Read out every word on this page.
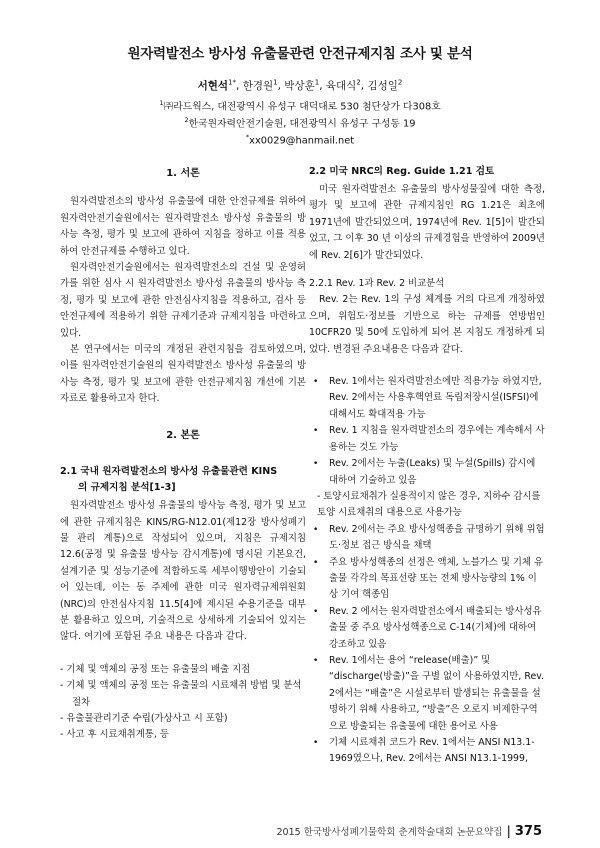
원자력발전소 방사성 유출물관련 안전규제지침 조사 및 분석
서현석$^{1*}$, 한경원$^1$, 박상훈$^1$, 육대식$^2$, 김성일$^2$
$^1$㈜라드웍스, 대전광역시 유성구 대덕대로 530 첨단상가 다308호
$^2$한국원자력안전기술원, 대전광역시 유성구 구성동 19
*xx0029@hanmail.net
1. 서론

원자력발전소의 방사성 유출물에 대한 안전규제를 위하여 원자력안전기술원에서는 원자력발전소 방사성 유출물의 방사능 측정, 평가 및 보고에 관하여 지침을 정하고 이를 적용하여 안전규제를 수행하고 있다.

원자력안전기술원에서는 원자력발전소의 건설 및 운영허가를 위한 심사 시 원자력발전소 방사성 유출물의 방사능 측정, 평가 및 보고에 관한 안전심사지침을 적용하고, 검사 등 안전규제에 적용하기 위한 규제기준과 규제지침을 마련하고 있다.

본 연구에서는 미국의 개정된 관련지침을 검토하였으며, 이를 원자력안전기술원의 원자력발전소 방사성 유출물의 방사능 측정, 평가 및 보고에 관한 안전규제지침 개선에 기본 자료로 활용하고자 한다.

2. 본론
2.1 국내 원자력발전소의 방사성 유출물관련 KINS
의 규제지침 분석[1-3]

원자력발전소 방사성 유출물의 방사능 측정, 평가 및 보고에 관한 규제지침은 KINS/RG-N12.01(제12장 방사성폐기물 관리 계통)으로 작성되어 있으며, 지침은 규제지침 12.6(공정 및 유출물 방사능 감시계통)에 명시된 기본요건, 설계기준 및 성능기준에 적합하도록 세부이행방안이 기술되어 있는데, 이는 동 주제에 관한 미국 원자력규제위원회(NRC)의 안전심사지침 11.5[4]에 제시된 수용기준을 대부분 활용하고 있으며, 기술적으로 상세하게 기술되어 있지는 않다. 여기에 포함된 주요 내용은 다음과 같다.

- 기체 및 액체의 공정 또는 유출물의 배출 지점
- 기체 및 액체의 공정 또는 유출물의 시료채취 방법 및 분석절차
- 유출물관리기준 수립(가상사고 시 포함)
- 사고 후 시료채취계통, 등
2.2 미국 NRC의 Reg. Guide 1.21 검토

미국 원자력발전소 유출물의 방사성물질에 대한 측정, 평가 및 보고에 관한 규제지침인 RG 1.21은 최초에 1971년에 발간되었으며, 1974년에 Rev. 1[5]이 발간되었고, 그 이후 30 년 이상의 규제경험을 반영하여 2009년에 Rev. 2[6]가 발간되었다.

2.2.1 Rev. 1과 Rev. 2 비교분석

Rev. 2는 Rev. 1의 구성 체계를 거의 다르게 개정하였으며, 위험도·정보를 기반으로 하는 규제를 연방법인 10CFR20 및 50에 도입하게 되어 본 지침도 개정하게 되었다. 변경된 주요내용은 다음과 같다.

• Rev. 1에서는 원자력발전소에만 적용가능 하였지만, Rev. 2에서는 사용후핵연료 독립저장시설(ISFSI)에 대해서도 확대적용 가능
• Rev. 1 지침을 원자력발전소의 경우에는 계속해서 사용하는 것도 가능
• Rev. 2에서는 누출(Leaks) 및 누설(Spills) 감시에 대하여 기술하고 있음
- 토양시료채취가 실용적이지 않은 경우, 지하수 감시를 토양 시료채취의 대용으로 사용가능
• Rev. 2에서는 주요 방사성핵종을 규명하기 위해 위험도·정보 접근 방식을 채택
• 주요 방사성핵종의 선정은 액체, 노블가스 및 기체 유출물 각각의 목표선량 또는 전체 방사능량의 1% 이상 기여 핵종임
• Rev. 2 에서는 원자력발전소에서 배출되는 방사성유출물 중 주요 방사성핵종으로 C-14(기체)에 대하여 강조하고 있음
• Rev. 1에서는 용어 “release(배출)” 및 “discharge(방출)”을 구별 없이 사용하였지만, Rev. 2에서는 “배출”은 시설로부터 발생되는 유출물을 설명하기 위해 사용하고, “방출”은 오로지 비제한구역으로 방출되는 유출물에 대한 용어로 사용
• 기체 시료채취 코드가 Rev. 1에서는 ANSI N13.1-1969였으나, Rev. 2에서는 ANSI N13.1-1999,
2015 한국방사성폐기물학회 춘계학술대회 논문요약집 | 375
